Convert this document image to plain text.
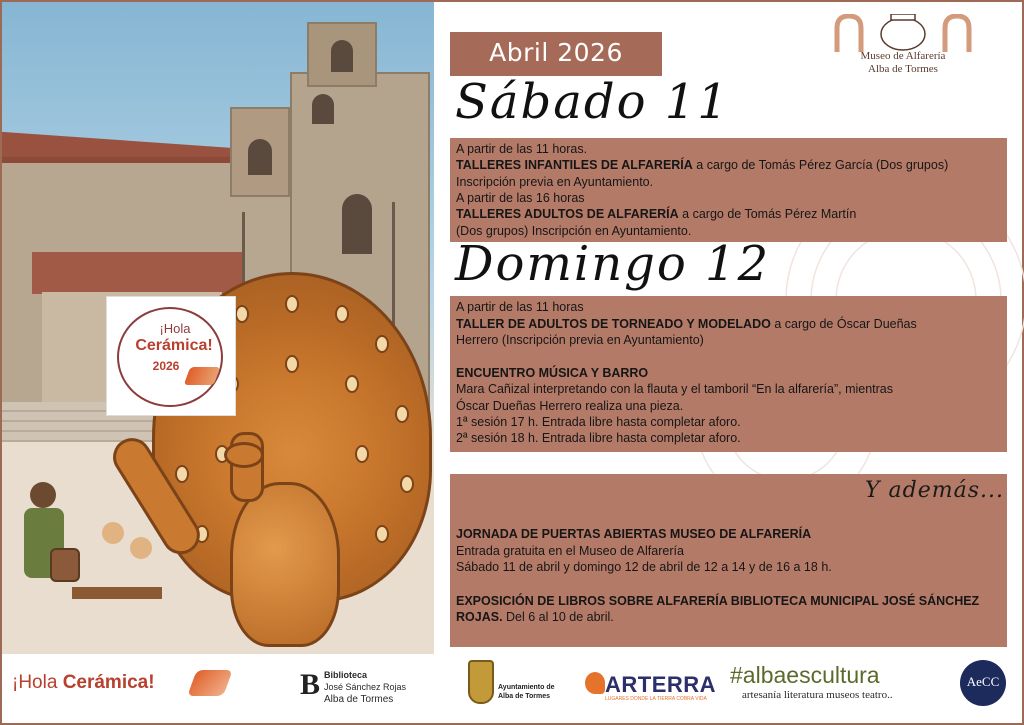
¡Hola
Cerámica!
2026
Museo de Alfarería
Alba de Tormes
Abril 2026
Sábado 11
A partir de las 11 horas.
TALLERES INFANTILES DE ALFARERÍA a cargo de Tomás Pérez García (Dos grupos)
Inscripción previa en Ayuntamiento.
A partir de las 16 horas
TALLERES ADULTOS DE ALFARERÍA a cargo de Tomás Pérez Martín
(Dos grupos) Inscripción en Ayuntamiento.
Domingo 12
A partir de las 11 horas
TALLER DE ADULTOS DE TORNEADO Y MODELADO a cargo de Óscar Dueñas
Herrero (Inscripción previa en Ayuntamiento)
ENCUENTRO MÚSICA Y BARRO
Mara Cañizal interpretando con la flauta y el tamboril “En la alfarería”, mientras
Óscar Dueñas Herrero realiza una pieza.
1ª sesión 17 h. Entrada libre hasta completar aforo.
2ª sesión 18 h. Entrada libre hasta completar aforo.
Y además...
JORNADA DE PUERTAS ABIERTAS MUSEO DE ALFARERÍA
Entrada gratuita en el Museo de Alfarería
Sábado 11 de abril y domingo 12 de abril de 12 a 14 y de 16 a 18 h.
EXPOSICIÓN DE LIBROS SOBRE ALFARERÍA BIBLIOTECA MUNICIPAL JOSÉ SÁNCHEZ
ROJAS. Del 6 al 10 de abril.
¡Hola Cerámica!	B Biblioteca
José Sánchez Rojas
Alba de Tormes
Ayuntamiento de
Alba de Tormes	ARTERRA
LUGARES DONDE LA TIERRA COBRA VIDA
#albaescultura
artesanía literatura museos teatro..
AeCC
